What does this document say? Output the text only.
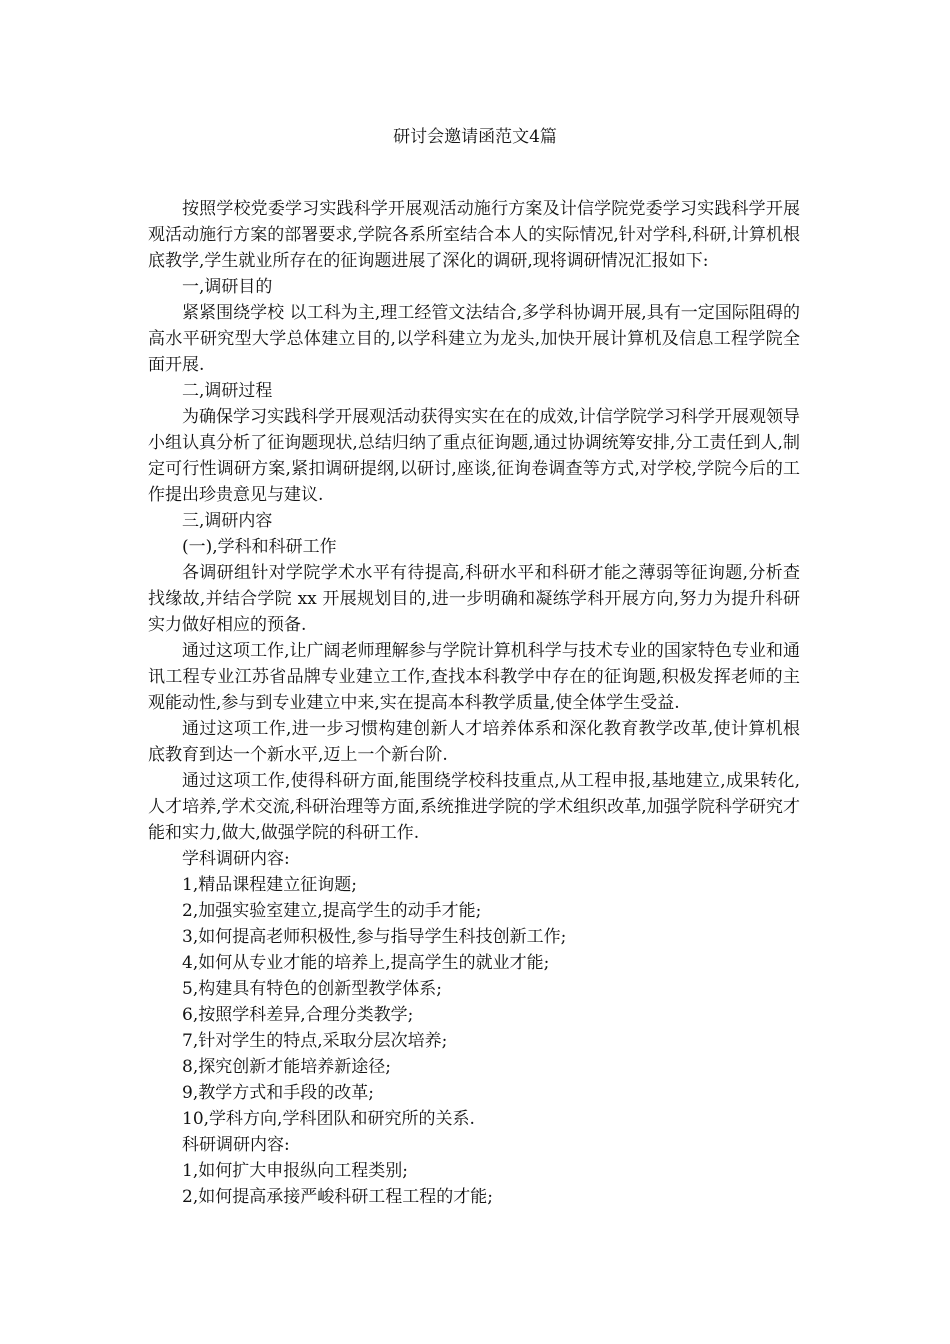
研讨会邀请函范文4篇

按照学校党委学习实践科学开展观活动施行方案及计信学院党委学习实践科学开展观活动施行方案的部署要求,学院各系所室结合本人的实际情况,针对学科,科研,计算机根底教学,学生就业所存在的征询题进展了深化的调研,现将调研情况汇报如下:

一,调研目的

紧紧围绕学校 以工科为主,理工经管文法结合,多学科协调开展,具有一定国际阻碍的高水平研究型大学总体建立目的,以学科建立为龙头,加快开展计算机及信息工程学院全面开展.

二,调研过程

为确保学习实践科学开展观活动获得实实在在的成效,计信学院学习科学开展观领导小组认真分析了征询题现状,总结归纳了重点征询题,通过协调统筹安排,分工责任到人,制定可行性调研方案,紧扣调研提纲,以研讨,座谈,征询卷调查等方式,对学校,学院今后的工作提出珍贵意见与建议.

三,调研内容

(一),学科和科研工作

各调研组针对学院学术水平有待提高,科研水平和科研才能之薄弱等征询题,分析查找缘故,并结合学院 xx 开展规划目的,进一步明确和凝练学科开展方向,努力为提升科研实力做好相应的预备.

通过这项工作,让广阔老师理解参与学院计算机科学与技术专业的国家特色专业和通讯工程专业江苏省品牌专业建立工作,查找本科教学中存在的征询题,积极发挥老师的主观能动性,参与到专业建立中来,实在提高本科教学质量,使全体学生受益.

通过这项工作,进一步习惯构建创新人才培养体系和深化教育教学改革,使计算机根底教育到达一个新水平,迈上一个新台阶.

通过这项工作,使得科研方面,能围绕学校科技重点,从工程申报,基地建立,成果转化,人才培养,学术交流,科研治理等方面,系统推进学院的学术组织改革,加强学院科学研究才能和实力,做大,做强学院的科研工作.

学科调研内容:

1,精品课程建立征询题;

2,加强实验室建立,提高学生的动手才能;

3,如何提高老师积极性,参与指导学生科技创新工作;

4,如何从专业才能的培养上,提高学生的就业才能;

5,构建具有特色的创新型教学体系;

6,按照学科差异,合理分类教学;

7,针对学生的特点,采取分层次培养;

8,探究创新才能培养新途径;

9,教学方式和手段的改革;

10,学科方向,学科团队和研究所的关系.

科研调研内容:

1,如何扩大申报纵向工程类别;

2,如何提高承接严峻科研工程工程的才能;
